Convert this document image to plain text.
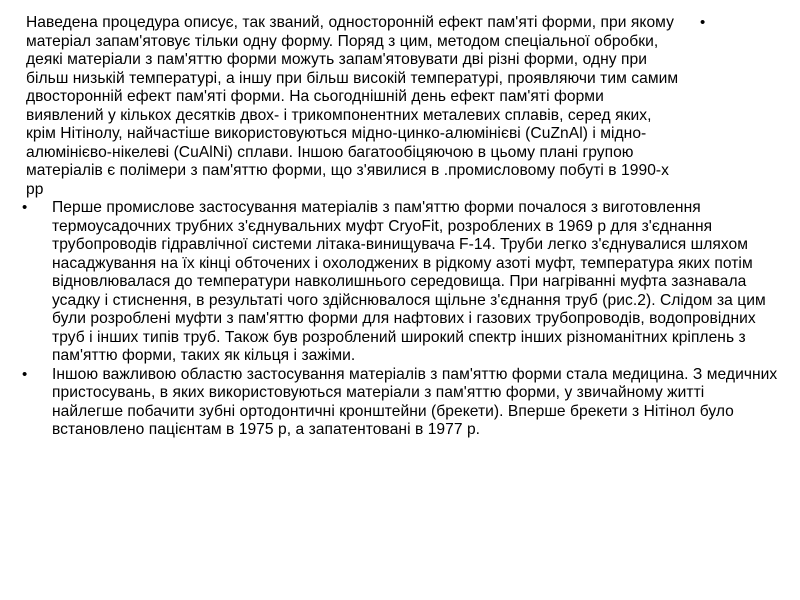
Наведена процедура описує, так званий, односторонній ефект пам'яті форми, при якому матеріал запам'ятовує тільки одну форму. Поряд з цим, методом спеціальної обробки, деякі матеріали з пам'яттю форми можуть запам'ятовувати дві різні форми, одну при більш низькій температурі, а іншу при більш високій температурі, проявляючи тим самим двосторонній ефект пам'яті форми. На сьогоднішній день ефект пам'яті форми виявлений у кількох десятків двох- і трикомпонентних металевих сплавів, серед яких, крім Нітінолу, найчастіше використовуються мідно-цинко-алюмінієві (CuZnAl) і мідно-алюмінієво-нікелеві (CuAlNi) сплави. Іншою багатообіцяючою в цьому плані групою матеріалів є полімери з пам'яттю форми, що з'явилися в .промисловому побуті в 1990-х рр
•
•	Перше промислове застосування матеріалів з пам'яттю форми почалося з виготовлення термоусадочних трубних з'єднувальних муфт CryoFit, розроблених в 1969 р для з'єднання трубопроводів гідравлічної системи літака-винищувача F-14. Труби легко з'єднувалися шляхом насаджування на їх кінці обточених і охолоджених в рідкому азоті муфт, температура яких потім відновлювалася до температури навколишнього середовища. При нагріванні муфта зазнавала усадку і стиснення, в результаті чого здійснювалося щільне з'єднання труб (рис.2). Слідом за цим були розроблені муфти з пам'яттю форми для нафтових і газових трубопроводів, водопровідних труб і інших типів труб. Також був розроблений широкий спектр інших різноманітних кріплень з пам'яттю форми, таких як кільця і зажіми.
•	Іншою важливою областю застосування матеріалів з пам'яттю форми стала медицина. З медичних пристосувань, в яких використовуються матеріали з пам'яттю форми, у звичайному житті найлегше побачити зубні ортодонтичні кронштейни (брекети). Вперше брекети з Нітінол було встановлено пацієнтам в 1975 р, а запатентовані в 1977 р.
